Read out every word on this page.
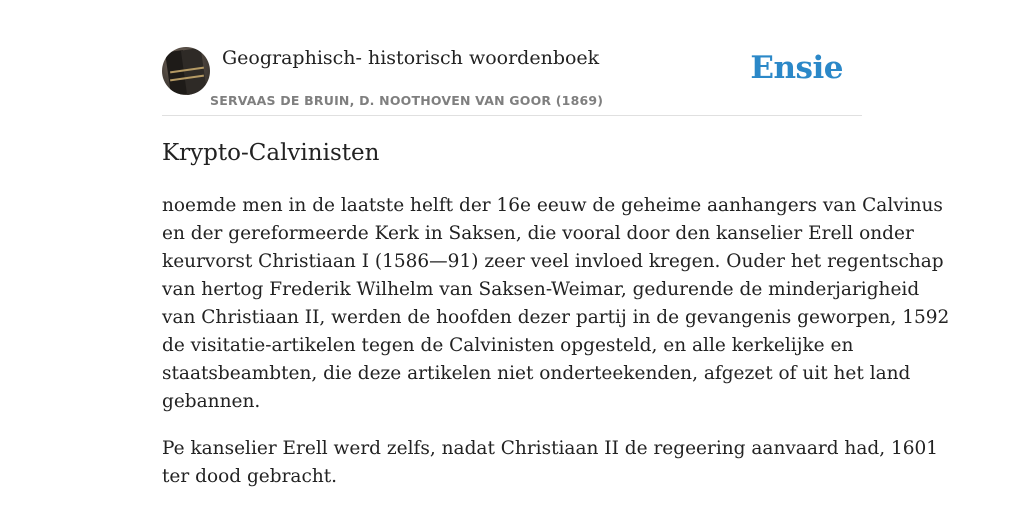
Geographisch- historisch woordenboek
SERVAAS DE BRUIN, D. NOOTHOVEN VAN GOOR (1869)
Ensie
Krypto-Calvinisten

noemde men in de laatste helft der 16e eeuw de geheime aanhangers van Calvinus
en der gereformeerde Kerk in Saksen, die vooral door den kanselier Erell onder
keurvorst Christiaan I (1586—91) zeer veel invloed kregen. Ouder het regentschap
van hertog Frederik Wilhelm van Saksen-Weimar, gedurende de minderjarigheid
van Christiaan II, werden de hoofden dezer partij in de gevangenis geworpen, 1592
de visitatie-artikelen tegen de Calvinisten opgesteld, en alle kerkelijke en
staatsbeambten, die deze artikelen niet onderteekenden, afgezet of uit het land
gebannen.

Pe kanselier Erell werd zelfs, nadat Christiaan II de regeering aanvaard had, 1601
ter dood gebracht.
